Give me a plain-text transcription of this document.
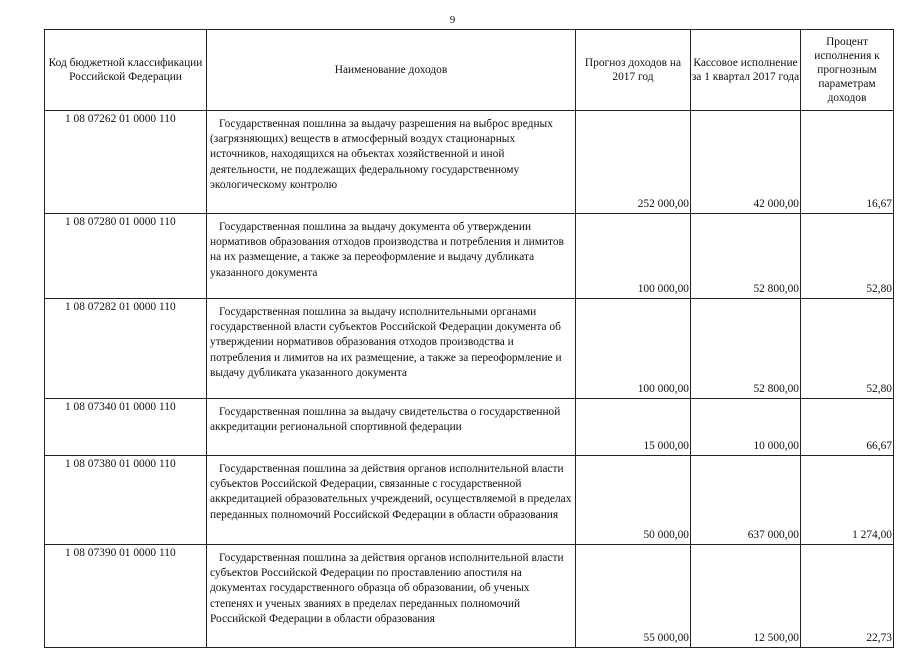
9
Код бюджетной классификации Российской Федерации	Наименование доходов	Прогноз доходов на 2017 год	Кассовое исполнение за 1 квартал 2017 года	Процент исполнения к прогнозным параметрам доходов
1 08 07262 01 0000 110	Государственная пошлина за выдачу разрешения на выброс вредных (загрязняющих) веществ в атмосферный воздух стационарных источников, находящихся на объектах хозяйственной и иной деятельности, не подлежащих федеральному государственному экологическому контролю	252 000,00	42 000,00	16,67
1 08 07280 01 0000 110	Государственная пошлина за выдачу документа об утверждении нормативов образования отходов производства и потребления и лимитов на их размещение, а также за переоформление и выдачу дубликата указанного документа	100 000,00	52 800,00	52,80
1 08 07282 01 0000 110	Государственная пошлина за выдачу исполнительными органами государственной власти субъектов Российской Федерации документа об утверждении нормативов образования отходов производства и потребления и лимитов на их размещение, а также за переоформление и выдачу дубликата указанного документа	100 000,00	52 800,00	52,80
1 08 07340 01 0000 110	Государственная пошлина за выдачу свидетельства о государственной аккредитации региональной спортивной федерации	15 000,00	10 000,00	66,67
1 08 07380 01 0000 110	Государственная пошлина за действия органов исполнительной власти субъектов Российской Федерации, связанные с государственной аккредитацией образовательных учреждений, осуществляемой в пределах переданных полномочий Российской Федерации в области образования	50 000,00	637 000,00	1 274,00
1 08 07390 01 0000 110	Государственная пошлина за действия органов исполнительной власти субъектов Российской Федерации по проставлению апостиля на документах государственного образца об образовании, об ученых степенях и ученых званиях в пределах переданных полномочий Российской Федерации в области образования	55 000,00	12 500,00	22,73
